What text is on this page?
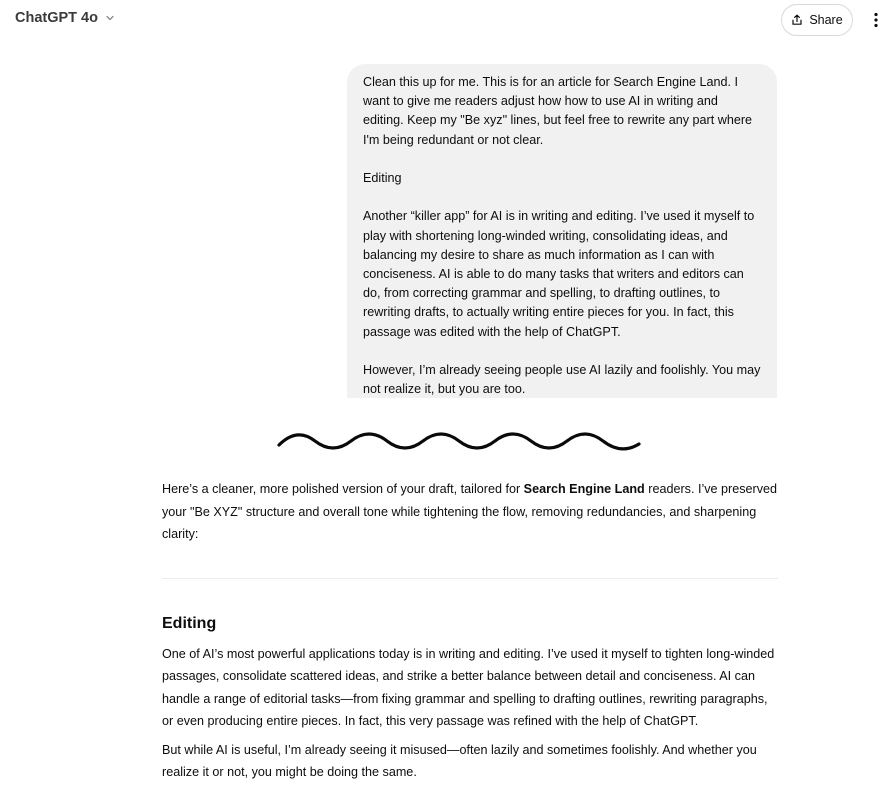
ChatGPT 4o	Share

Clean this up for me. This is for an article for Search Engine Land. I want to give me readers adjust how how to use AI in writing and editing. Keep my "Be xyz" lines, but feel free to rewrite any part where I'm being redundant or not clear.

Editing

Another “killer app” for AI is in writing and editing. I’ve used it myself to play with shortening long-winded writing, consolidating ideas, and balancing my desire to share as much information as I can with conciseness. AI is able to do many tasks that writers and editors can do, from correcting grammar and spelling, to drafting outlines, to rewriting drafts, to actually writing entire pieces for you. In fact, this passage was edited with the help of ChatGPT.

However, I’m already seeing people use AI lazily and foolishly. You may not realize it, but you are too.

Here’s a cleaner, more polished version of your draft, tailored for Search Engine Land readers. I’ve preserved your "Be XYZ" structure and overall tone while tightening the flow, removing redundancies, and sharpening clarity:

Editing

One of AI’s most powerful applications today is in writing and editing. I’ve used it myself to tighten long-winded passages, consolidate scattered ideas, and strike a better balance between detail and conciseness. AI can handle a range of editorial tasks—from fixing grammar and spelling to drafting outlines, rewriting paragraphs, or even producing entire pieces. In fact, this very passage was refined with the help of ChatGPT.

But while AI is useful, I’m already seeing it misused—often lazily and sometimes foolishly. And whether you realize it or not, you might be doing the same.
